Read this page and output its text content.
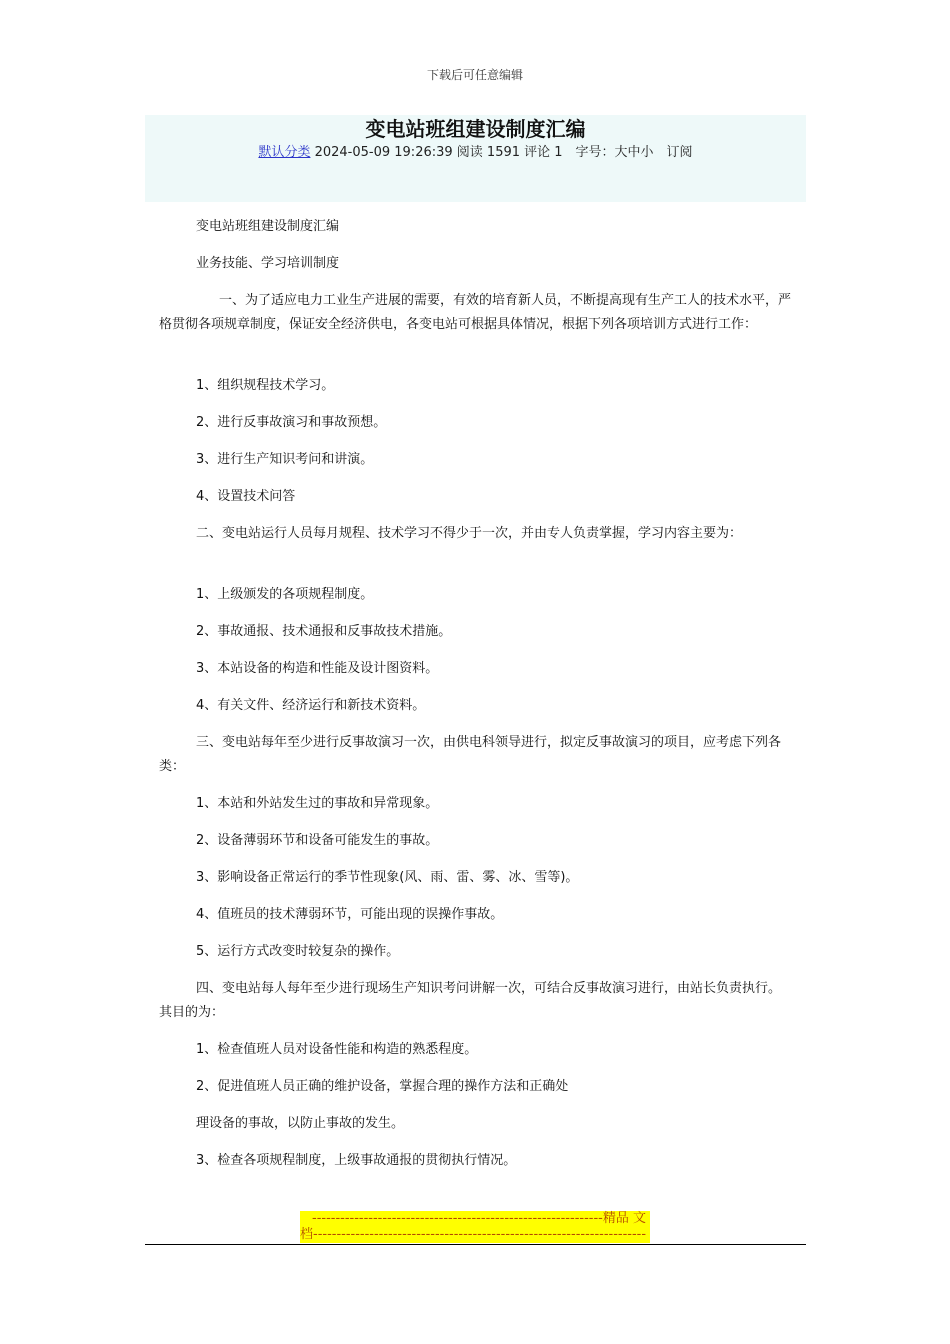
下载后可任意编辑
变电站班组建设制度汇编
默认分类 2024-05-09 19:26:39 阅读 1591 评论 1　字号：大中小　订阅
变电站班组建设制度汇编
业务技能、学习培训制度
一、为了适应电力工业生产进展的需要，有效的培育新人员，不断提高现有生产工人的技术水平，严格贯彻各项规章制度，保证安全经济供电，各变电站可根据具体情况，根据下列各项培训方式进行工作：
1、组织规程技术学习。
2、进行反事故演习和事故预想。
3、进行生产知识考问和讲演。
4、设置技术问答
二、变电站运行人员每月规程、技术学习不得少于一次，并由专人负责掌握，学习内容主要为：
1、上级颁发的各项规程制度。
2、事故通报、技术通报和反事故技术措施。
3、本站设备的构造和性能及设计图资料。
4、有关文件、经济运行和新技术资料。
三、变电站每年至少进行反事故演习一次，由供电科领导进行，拟定反事故演习的项目，应考虑下列各类：
1、本站和外站发生过的事故和异常现象。
2、设备薄弱环节和设备可能发生的事故。
3、影响设备正常运行的季节性现象(风、雨、雷、雾、冰、雪等)。
4、值班员的技术薄弱环节，可能出现的误操作事故。
5、运行方式改变时较复杂的操作。
四、变电站每人每年至少进行现场生产知识考问讲解一次，可结合反事故演习进行，由站长负责执行。其目的为：
1、检查值班人员对设备性能和构造的熟悉程度。
2、促进值班人员正确的维护设备，掌握合理的操作方法和正确处
理设备的事故，以防止事故的发生。
3、检查各项规程制度，上级事故通报的贯彻执行情况。
--------------------------------------------------------------精品 文
档-----------------------------------------------------------------------
